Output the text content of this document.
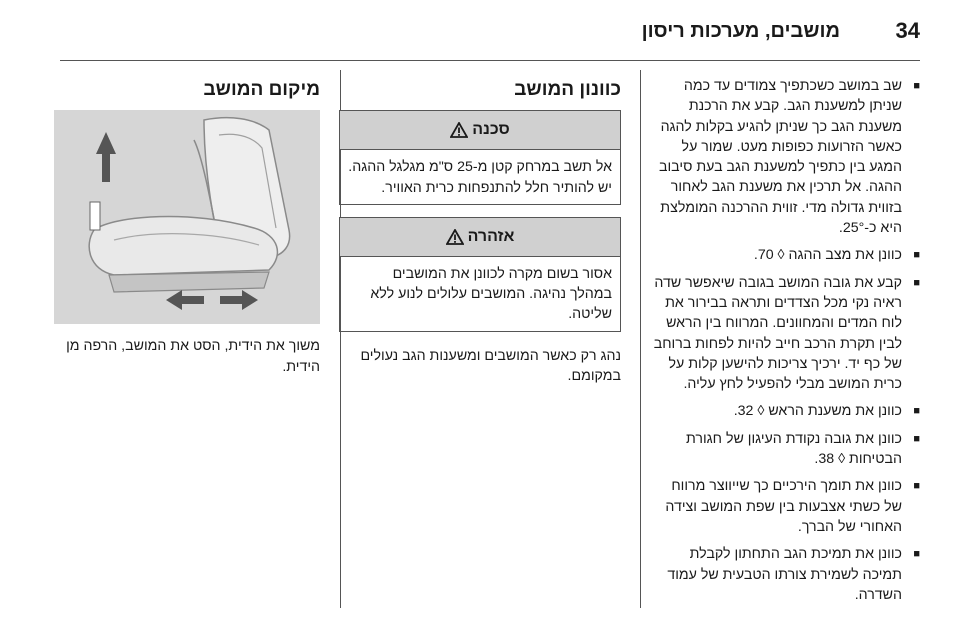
34
מושבים, מערכות ריסון
■ שב במושב כשכתפיך צמודים עד כמה שניתן למשענת הגב. קבע את הרכנת משענת הגב כך שניתן להגיע בקלות להגה כאשר הזרועות כפופות מעט. שמור על המגע בין כתפיך למשענת הגב בעת סיבוב ההגה. אל תרכין את משענת הגב לאחור בזווית גדולה מדי. זווית ההרכנה המומלצת היא כ-25°.
■ כוונן את מצב ההגה ◊ 70.
■ קבע את גובה המושב בגובה שיאפשר שדה ראיה נקי מכל הצדדים ותראה בבירור את לוח המדים והמחוונים. המרווח בין הראש לבין תקרת הרכב חייב להיות לפחות ברוחב של כף יד. ירכיך צריכות להישען קלות על כרית המושב מבלי להפעיל לחץ עליה.
■ כוונן את משענת הראש ◊ 32.
■ כוונן את גובה נקודת העיגון של חגורת הבטיחות ◊ 38.
■ כוונן את תומך הירכיים כך שייווצר מרווח של כשתי אצבעות בין שפת המושב וצידה האחורי של הברך.
■ כוונן את תמיכת הגב התחתון לקבלת תמיכה לשמירת צורתו הטבעית של עמוד השדרה.
כוונון המושב
סכנה
אל תשב במרחק קטן מ-25 ס"מ מגלגל ההגה. יש להותיר חלל להתנפחות כרית האוויר.
אזהרה
אסור בשום מקרה לכוונן את המושבים במהלך נהיגה. המושבים עלולים לנוע ללא שליטה.
נהג רק כאשר המושבים ומשענות הגב נעולים במקומם.
מיקום המושב
משוך את הידית, הסט את המושב, הרפה מן הידית.
